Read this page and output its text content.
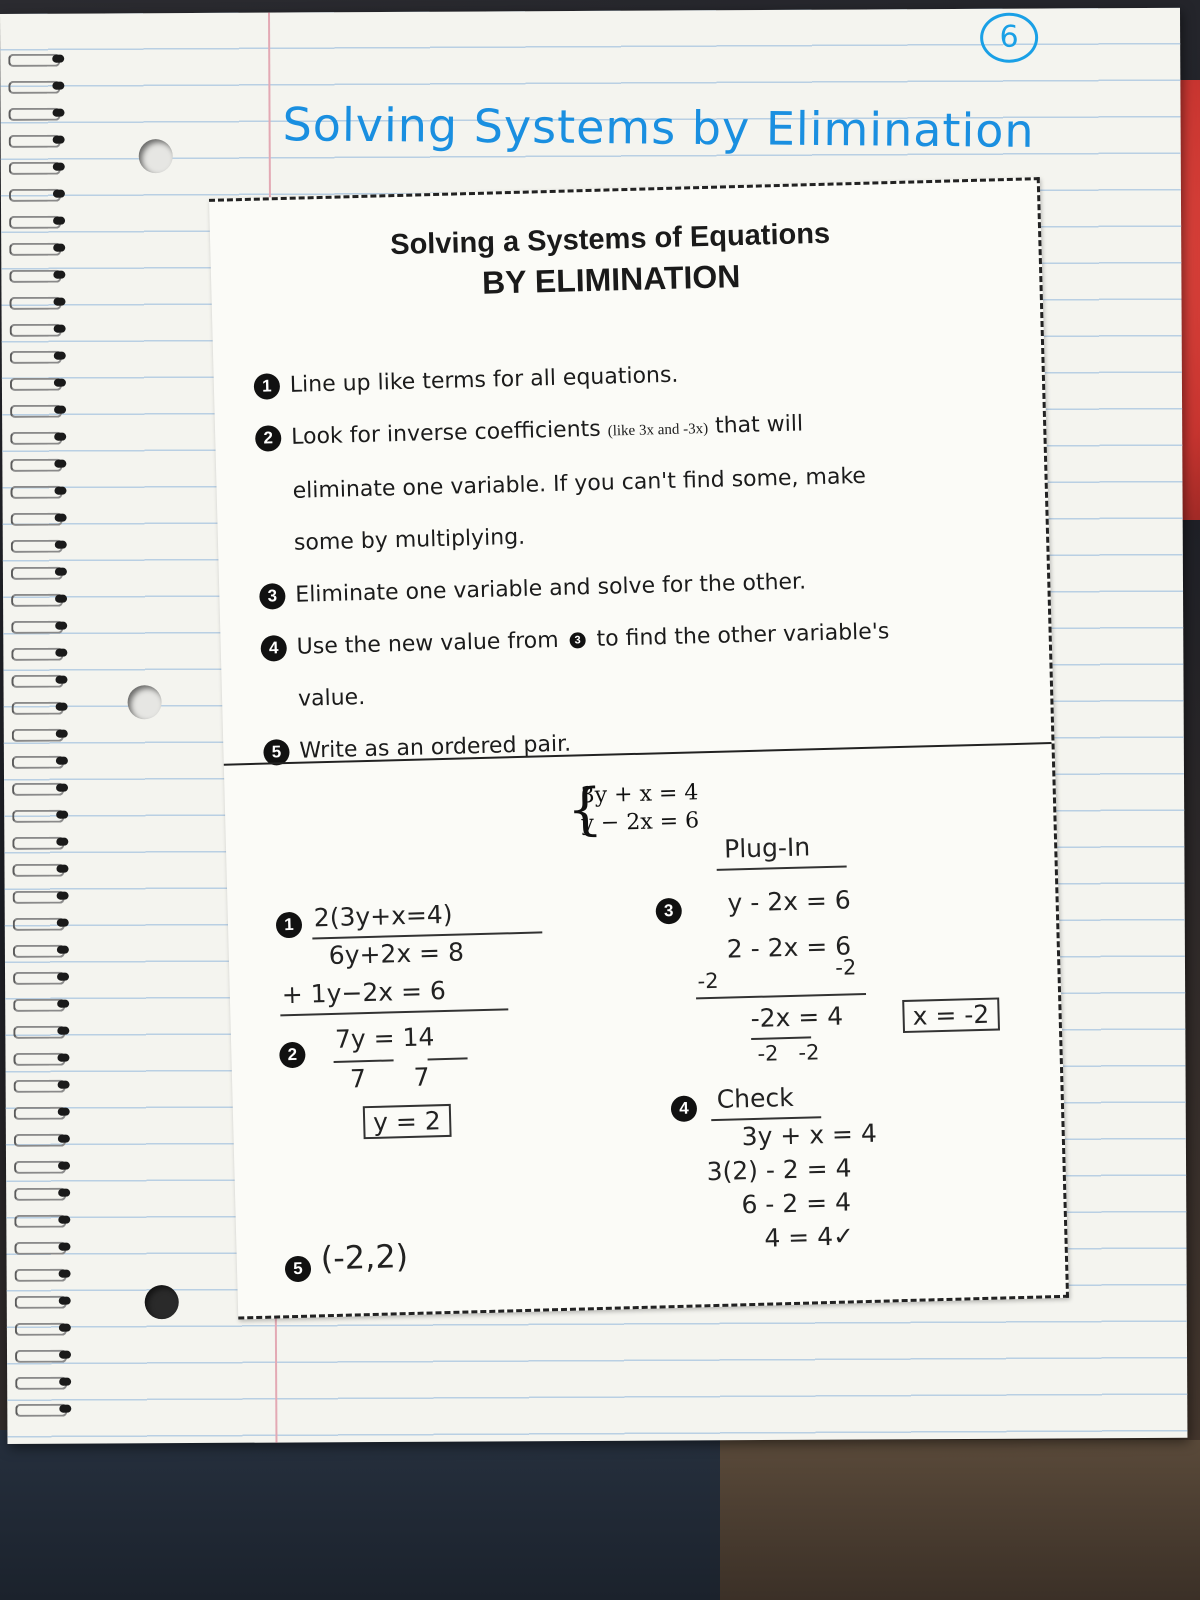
6
Solving Systems by Elimination
Solving a Systems of Equations
BY ELIMINATION
1 Line up like terms for all equations.
2 Look for inverse coefficients (like 3x and -3x) that will
eliminate one variable. If you can't find some, make
some by multiplying.
3 Eliminate one variable and solve for the other.
4 Use the new value from 3 to find the other variable's
value.
5 Write as an ordered pair.
{
3y + x = 4
y − 2x = 6
1 2(3y+x=4)
6y+2x = 8
+ 1y−2x = 6
2
7y = 14
7      7
y = 2
5 (-2,2)
Plug-In
3	y - 2x = 6
2 - 2x = 6
-2
-2
-2x = 4
-2   -2
x = -2
4	Check
3y + x = 4
3(2) - 2 = 4
6 - 2 = 4
4 = 4✓
